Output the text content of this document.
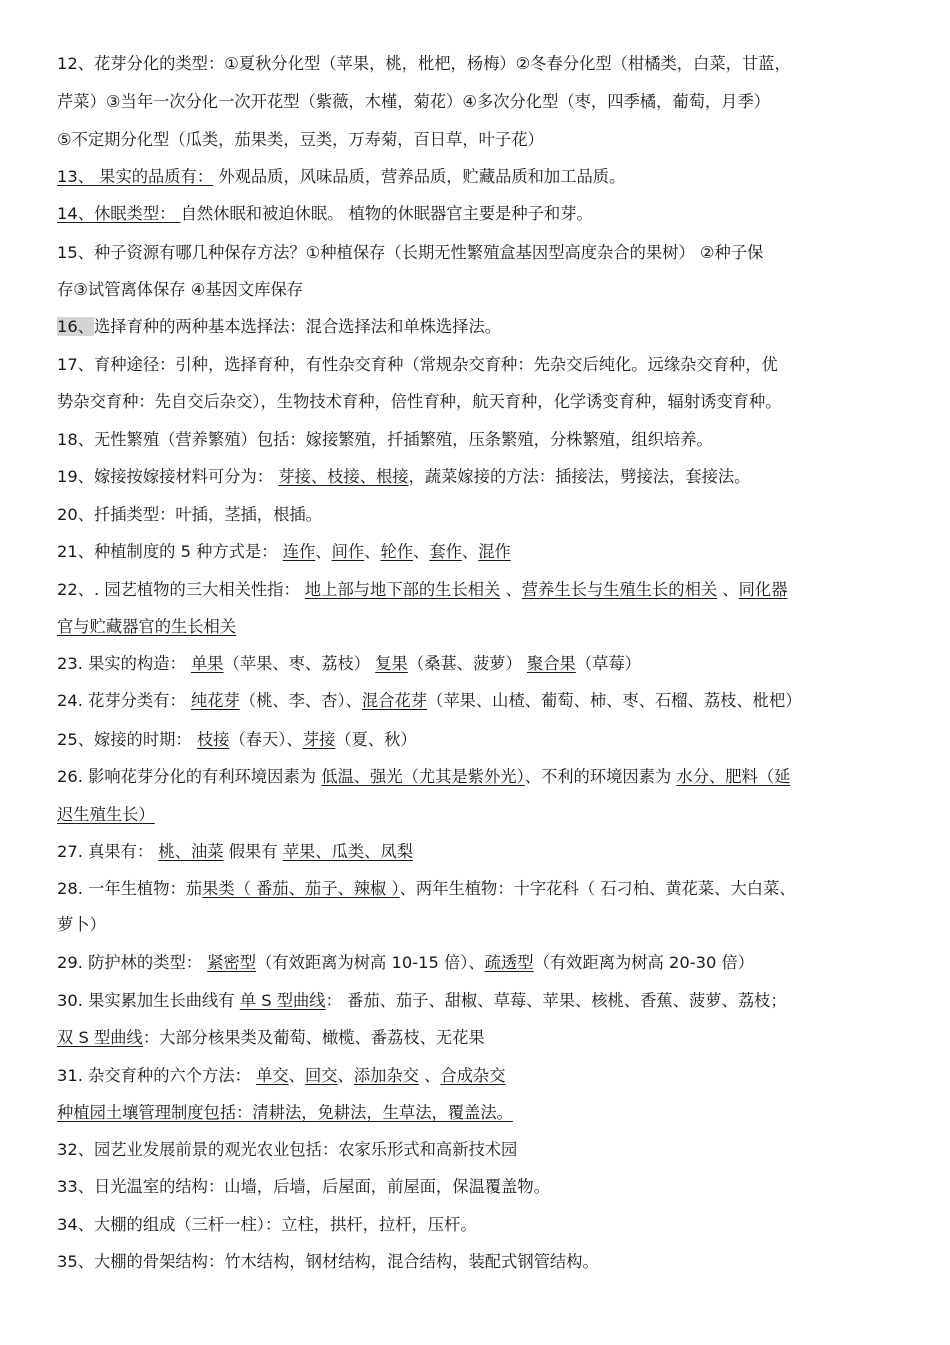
12、花芽分化的类型：①夏秋分化型（苹果，桃，枇杷，杨梅）②冬春分化型（柑橘类，白菜，甘蓝，
芹菜）③当年一次分化一次开花型（紫薇，木槿，菊花）④多次分化型（枣，四季橘，葡萄，月季）
⑤不定期分化型（瓜类，茄果类，豆类，万寿菊，百日草，叶子花）
13、 果实的品质有： 外观品质，风味品质，营养品质，贮藏品质和加工品质。
14、休眠类型： 自然休眠和被迫休眠。 植物的休眠器官主要是种子和芽。
15、种子资源有哪几种保存方法？①种植保存（长期无性繁殖盒基因型高度杂合的果树） ②种子保
存③试管离体保存 ④基因文库保存
16、选择育种的两种基本选择法：混合选择法和单株选择法。
17、育种途径：引种，选择育种，有性杂交育种（常规杂交育种：先杂交后纯化。远缘杂交育种，优
势杂交育种：先自交后杂交），生物技术育种，倍性育种，航天育种，化学诱变育种，辐射诱变育种。
18、无性繁殖（营养繁殖）包括：嫁接繁殖，扦插繁殖，压条繁殖，分株繁殖，组织培养。
19、嫁接按嫁接材料可分为： 芽接、枝接、根接，蔬菜嫁接的方法：插接法，劈接法，套接法。
20、扦插类型：叶插，茎插，根插。
21、种植制度的 5 种方式是： 连作、间作、轮作、套作、混作
22、. 园艺植物的三大相关性指： 地上部与地下部的生长相关 、营养生长与生殖生长的相关 、同化器
官与贮藏器官的生长相关
23. 果实的构造： 单果（苹果、枣、荔枝） 复果（桑葚、菠萝） 聚合果（草莓）
24. 花芽分类有： 纯花芽（桃、李、杏）、混合花芽（苹果、山楂、葡萄、柿、枣、石榴、荔枝、枇杷）
25、嫁接的时期： 枝接（春天）、芽接（夏、秋）
26. 影响花芽分化的有利环境因素为 低温、强光（尤其是紫外光）、不利的环境因素为 水分、肥料（延
迟生殖生长）
27. 真果有： 桃、油菜 假果有 苹果、瓜类、凤梨
28. 一年生植物：茄果类（ 番茄、茄子、辣椒 ）、两年生植物：十字花科（ 石刁柏、黄花菜、大白菜、
萝卜）
29. 防护林的类型： 紧密型（有效距离为树高 10-15 倍）、疏透型（有效距离为树高 20-30 倍）
30. 果实累加生长曲线有 单 S 型曲线： 番茄、茄子、甜椒、草莓、苹果、核桃、香蕉、菠萝、荔枝；
双 S 型曲线：大部分核果类及葡萄、橄榄、番荔枝、无花果
31. 杂交育种的六个方法： 单交、回交、添加杂交 、合成杂交
种植园土壤管理制度包括：清耕法，免耕法，生草法，覆盖法。
32、园艺业发展前景的观光农业包括：农家乐形式和高新技术园
33、日光温室的结构：山墙，后墙，后屋面，前屋面，保温覆盖物。
34、大棚的组成（三杆一柱）：立柱，拱杆，拉杆，压杆。
35、大棚的骨架结构：竹木结构，钢材结构，混合结构，装配式钢管结构。
